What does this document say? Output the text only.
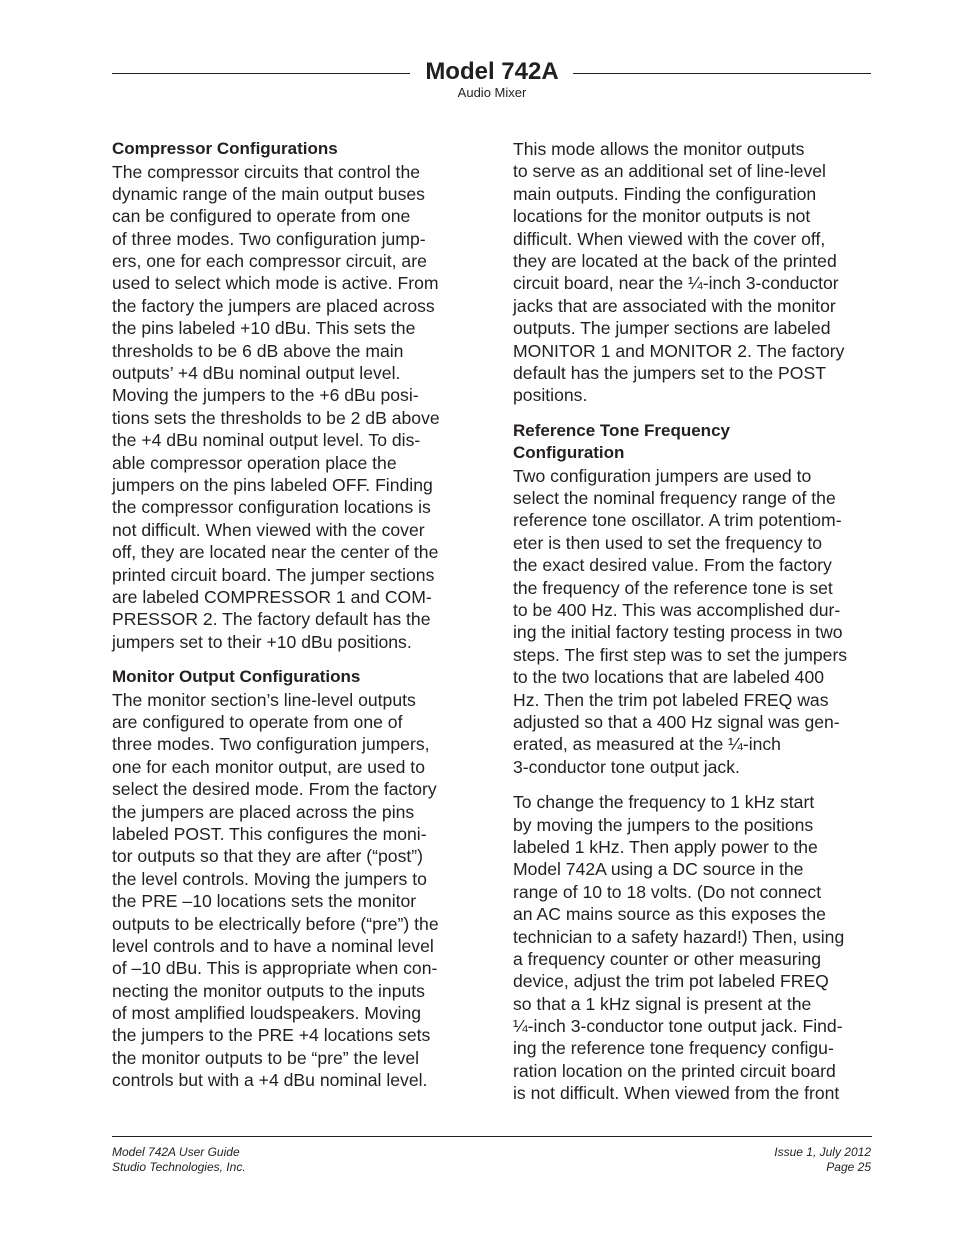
Model 742A
Audio Mixer
Compressor Configurations
The compressor circuits that control the
dynamic range of the main output buses
can be configured to operate from one
of three modes. Two configuration jump-
ers, one for each compressor circuit, are
used to select which mode is active. From
the factory the jumpers are placed across
the pins labeled +10 dBu. This sets the
thresholds to be 6 dB above the main
outputs’ +4 dBu nominal output level.
Moving the jumpers to the +6 dBu posi-
tions sets the thresholds to be 2 dB above
the +4 dBu nominal output level. To dis-
able compressor operation place the
jumpers on the pins labeled OFF. Finding
the compressor configuration locations is
not difficult. When viewed with the cover
off, they are located near the center of the
printed circuit board. The jumper sections
are labeled COMPRESSOR 1 and COM-
PRESSOR 2. The factory default has the
jumpers set to their +10 dBu positions.
Monitor Output Configurations
The monitor section’s line-level outputs
are configured to operate from one of
three modes. Two configuration jumpers,
one for each monitor output, are used to
select the desired mode. From the factory
the jumpers are placed across the pins
labeled POST. This configures the moni-
tor outputs so that they are after (“post”)
the level controls. Moving the jumpers to
the PRE –10 locations sets the monitor
outputs to be electrically before (“pre”) the
level controls and to have a nominal level
of –10 dBu. This is appropriate when con-
necting the monitor outputs to the inputs
of most amplified loudspeakers. Moving
the jumpers to the PRE +4 locations sets
the monitor outputs to be “pre” the level
controls but with a +4 dBu nominal level.
This mode allows the monitor outputs
to serve as an additional set of line-level
main outputs. Finding the configuration
locations for the monitor outputs is not
difficult. When viewed with the cover off,
they are located at the back of the printed
circuit board, near the ¼-inch 3-conductor
jacks that are associated with the monitor
outputs. The jumper sections are labeled
MONITOR 1 and MONITOR 2. The factory
default has the jumpers set to the POST
positions.
Reference Tone Frequency
Configuration
Two configuration jumpers are used to
select the nominal frequency range of the
reference tone oscillator. A trim potentiom-
eter is then used to set the frequency to
the exact desired value. From the factory
the frequency of the reference tone is set
to be 400 Hz. This was accomplished dur-
ing the initial factory testing process in two
steps. The first step was to set the jumpers
to the two locations that are labeled 400
Hz. Then the trim pot labeled FREQ was
adjusted so that a 400 Hz signal was gen-
erated, as measured at the ¼-inch
3-conductor tone output jack.
To change the frequency to 1 kHz start
by moving the jumpers to the positions
labeled 1 kHz. Then apply power to the
Model 742A using a DC source in the
range of 10 to 18 volts. (Do not connect
an AC mains source as this exposes the
technician to a safety hazard!) Then, using
a frequency counter or other measuring
device, adjust the trim pot labeled FREQ
so that a 1 kHz signal is present at the
¼-inch 3-conductor tone output jack. Find-
ing the reference tone frequency configu-
ration location on the printed circuit board
is not difficult. When viewed from the front
Model 742A User Guide
Studio Technologies, Inc.
Issue 1, July 2012
Page 25
